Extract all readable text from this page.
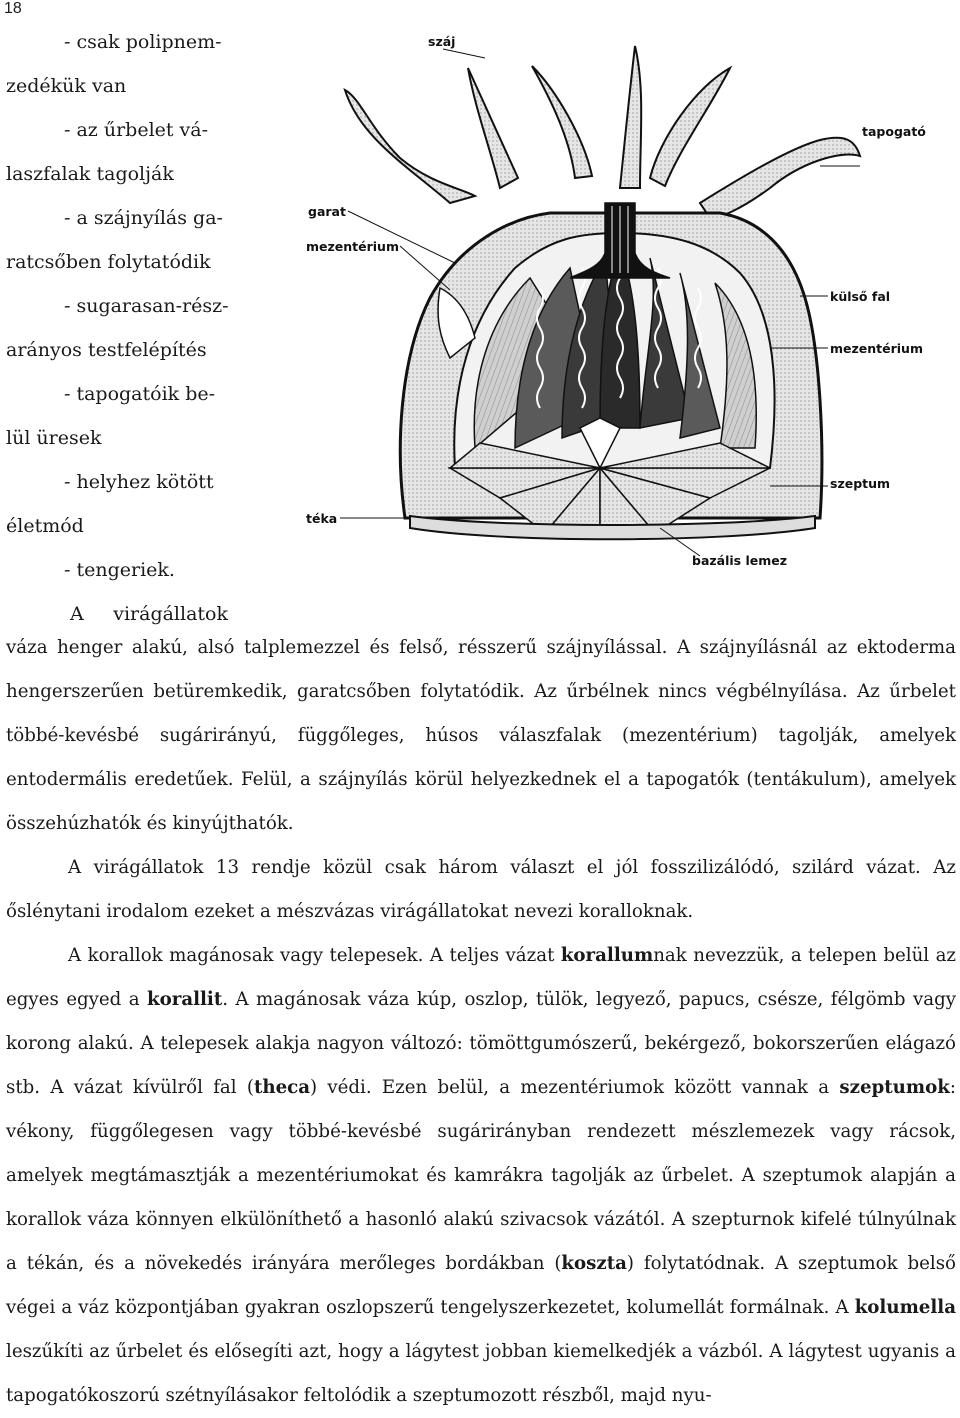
18
- csak polipnem-
zedékük van
- az űrbelet vá-
laszfalak tagolják
- a szájnyílás ga-
ratcsőben folytatódik
- sugarasan-rész-
arányos testfelépítés
- tapogatóik be-
lül üresek
- helyhez kötött
életmód
- tengeriek.
A virágállatok
száj
tapogató
garat
mezentérium
külső fal
mezentérium
szeptum
téka
bazális lemez

váza henger alakú, alsó talplemezzel és felső, résszerű szájnyílással. A szájnyílásnál az ektoderma hengerszerűen betüremkedik, garatcsőben folytatódik. Az űrbélnek nincs végbélnyílása. Az űrbelet többé-kevésbé sugárirányú, függőleges, húsos válaszfalak (mezentérium) tagolják, amelyek entodermális eredetűek. Felül, a szájnyílás körül helyezkednek el a tapogatók (tentákulum), amelyek összehúzhatók és kinyújthatók.

A virágállatok 13 rendje közül csak három választ el jól fosszilizálódó, szilárd vázat. Az őslénytani irodalom ezeket a mészvázas virágállatokat nevezi koralloknak.

A korallok magánosak vagy telepesek. A teljes vázat korallumnak nevezzük, a telepen belül az egyes egyed a korallit. A magánosak váza kúp, oszlop, tülök, legyező, papucs, csésze, félgömb vagy korong alakú. A telepesek alakja nagyon változó: tömöttgumószerű, bekérgező, bokorszerűen elágazó stb. A vázat kívülről fal (theca) védi. Ezen belül, a mezentériumok között vannak a szeptumok: vékony, függőlegesen vagy többé-kevésbé sugárirányban rendezett mészlemezek vagy rácsok, amelyek megtámasztják a mezentériumokat és kamrákra tagolják az űrbelet. A szeptumok alapján a korallok váza könnyen elkülöníthető a hasonló alakú szivacsok vázától. A szepturnok kifelé túlnyúlnak a tékán, és a növekedés irányára merőleges bordákban (koszta) folytatódnak. A szeptumok belső végei a váz központjában gyakran oszlopszerű tengelyszerkezetet, kolumellát formálnak. A kolumella leszűkíti az űrbelet és elősegíti azt, hogy a lágytest jobban kiemelkedjék a vázból. A lágytest ugyanis a tapogatókoszorú szétnyílásakor feltolódik a szeptumozott részből, majd nyu-
